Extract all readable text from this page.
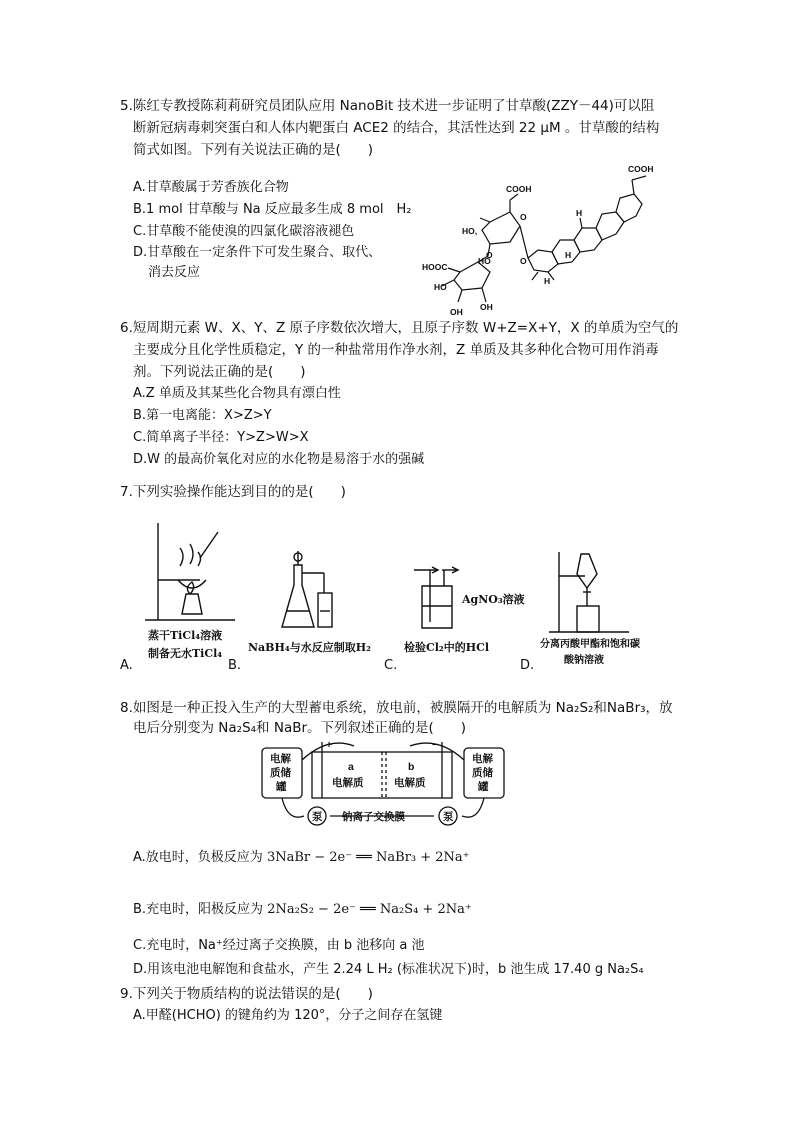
5.陈红专教授陈莉莉研究员团队应用 NanoBit 技术进一步证明了甘草酸(ZZY－44)可以阻
断新冠病毒刺突蛋白和人体内靶蛋白 ACE2 的结合，其活性达到 22 μM 。甘草酸的结构
简式如图。下列有关说法正确的是(　　)
A.甘草酸属于芳香族化合物
B.1 mol 甘草酸与 Na 反应最多生成 8 mol　H₂
C.甘草酸不能使溴的四氯化碳溶液褪色
D.甘草酸在一定条件下可发生聚合、取代、
消去反应
COOH
COOH
HOOC
HO,
HO
HO
OH
OH
O
O
O
H
H
H
6.短周期元素 W、X、Y、Z 原子序数依次增大，且原子序数 W+Z=X+Y，X 的单质为空气的
主要成分且化学性质稳定，Y 的一种盐常用作净水剂，Z 单质及其多种化合物可用作消毒
剂。下列说法正确的是(　　)
A.Z 单质及其某些化合物具有漂白性
B.第一电离能：X>Z>Y
C.简单离子半径：Y>Z>W>X
D.W 的最高价氧化对应的水化物是易溶于水的强碱
7.下列实验操作能达到目的的是(　　)
蒸干TiCl₄溶液
制备无水TiCl₄
A.
NaBH₄与水反应制取H₂
B.
AgNO₃溶液
检验Cl₂中的HCl
C.
分离丙酸甲酯和饱和碳
酸钠溶液
D.
8.如图是一种正投入生产的大型蓄电系统，放电前，被膜隔开的电解质为 Na₂S₂和NaBr₃，放
电后分别变为 Na₂S₄和 NaBr。下列叙述正确的是(　　)
电解
质储
罐
电解
质储
罐
a
电解质
b
电解质
泵	泵
钠离子交换膜
+	−
A.放电时，负极反应为 3NaBr − 2e⁻ ══ NaBr₃ + 2Na⁺
B.充电时，阳极反应为 2Na₂S₂ − 2e⁻ ══ Na₂S₄ + 2Na⁺
C.充电时，Na⁺经过离子交换膜，由 b 池移向 a 池
D.用该电池电解饱和食盐水，产生 2.24 L H₂ (标准状况下)时，b 池生成 17.40 g Na₂S₄
9.下列关于物质结构的说法错误的是(　　)
A.甲醛(HCHO) 的键角约为 120°，分子之间存在氢键
